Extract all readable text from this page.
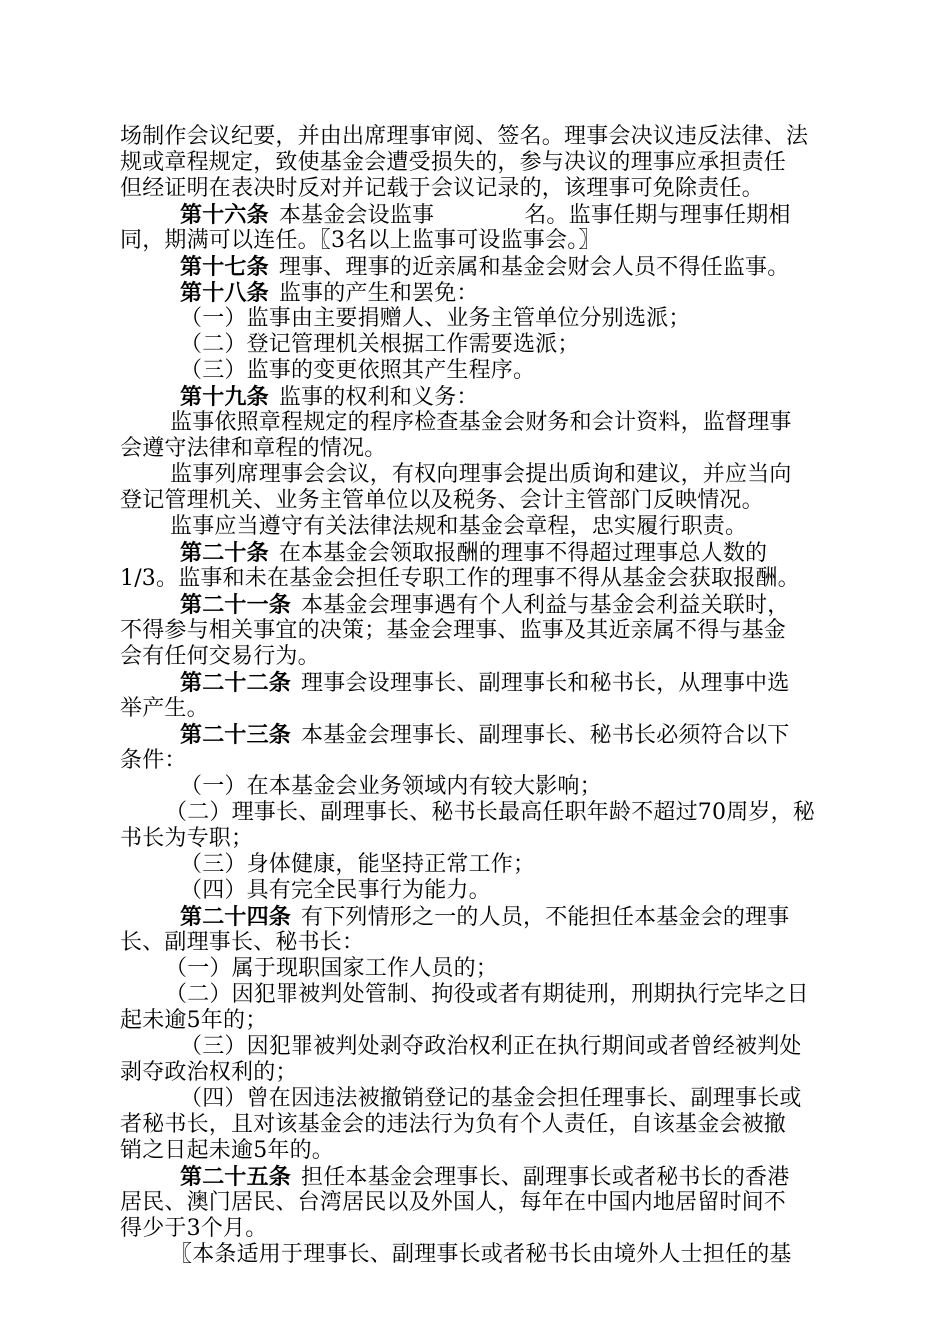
场制作会议纪要，并由出席理事审阅、签名。理事会决议违反法律、法
规或章程规定，致使基金会遭受损失的，参与决议的理事应承担责任
但经证明在表决时反对并记载于会议记录的，该理事可免除责任。
第十六条 本基金会设监事	名。监事任期与理事任期相
同，期满可以连任。〖3名以上监事可设监事会。〗
第十七条 理事、理事的近亲属和基金会财会人员不得任监事。
第十八条 监事的产生和罢免：
（一）监事由主要捐赠人、业务主管单位分别选派；
（二）登记管理机关根据工作需要选派；
（三）监事的变更依照其产生程序。
第十九条 监事的权利和义务：
监事依照章程规定的程序检查基金会财务和会计资料，监督理事
会遵守法律和章程的情况。
监事列席理事会会议，有权向理事会提出质询和建议，并应当向
登记管理机关、业务主管单位以及税务、会计主管部门反映情况。
监事应当遵守有关法律法规和基金会章程，忠实履行职责。
第二十条 在本基金会领取报酬的理事不得超过理事总人数的
1/3。监事和未在基金会担任专职工作的理事不得从基金会获取报酬。
第二十一条 本基金会理事遇有个人利益与基金会利益关联时，
不得参与相关事宜的决策；基金会理事、监事及其近亲属不得与基金
会有任何交易行为。
第二十二条 理事会设理事长、副理事长和秘书长，从理事中选
举产生。
第二十三条 本基金会理事长、副理事长、秘书长必须符合以下
条件：
（一）在本基金会业务领域内有较大影响；
（二）理事长、副理事长、秘书长最高任职年龄不超过70周岁，秘
书长为专职；
（三）身体健康，能坚持正常工作；
（四）具有完全民事行为能力。
第二十四条 有下列情形之一的人员，不能担任本基金会的理事
长、副理事长、秘书长：
（一）属于现职国家工作人员的；
（二）因犯罪被判处管制、拘役或者有期徒刑，刑期执行完毕之日
起未逾5年的；
（三）因犯罪被判处剥夺政治权利正在执行期间或者曾经被判处
剥夺政治权利的；
（四）曾在因违法被撤销登记的基金会担任理事长、副理事长或
者秘书长，且对该基金会的违法行为负有个人责任，自该基金会被撤
销之日起未逾5年的。
第二十五条 担任本基金会理事长、副理事长或者秘书长的香港
居民、澳门居民、台湾居民以及外国人，每年在中国内地居留时间不
得少于3个月。
〖本条适用于理事长、副理事长或者秘书长由境外人士担任的基
